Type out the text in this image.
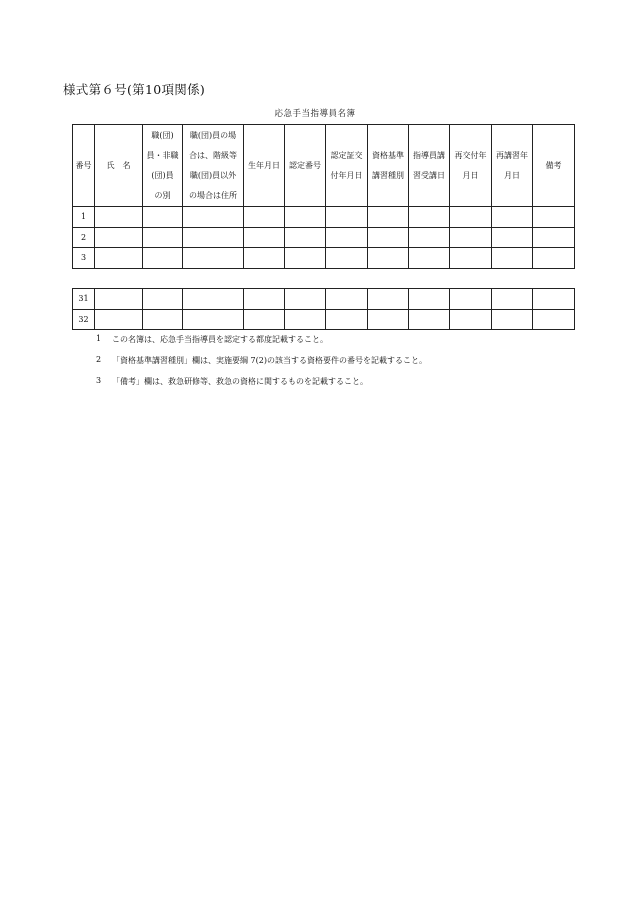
様式第６号(第10項関係)
応急手当指導員名簿
番号	氏　名	職(団)
員・非職
(団)員
の別	職(団)員の場
合は、階級等
職(団)員以外
の場合は住所	生年月日	認定番号	認定証交
付年月日	資格基準
講習種別	指導員講
習受講日	再交付年
月日	再講習年
月日	備考

1											
2											
3											
31											
32											
1	この名簿は、応急手当指導員を認定する都度記載すること。
2	「資格基準講習種別」欄は、実施要綱 7(2)の該当する資格要件の番号を記載すること。
3	「備考」欄は、救急研修等、救急の資格に関するものを記載すること。
